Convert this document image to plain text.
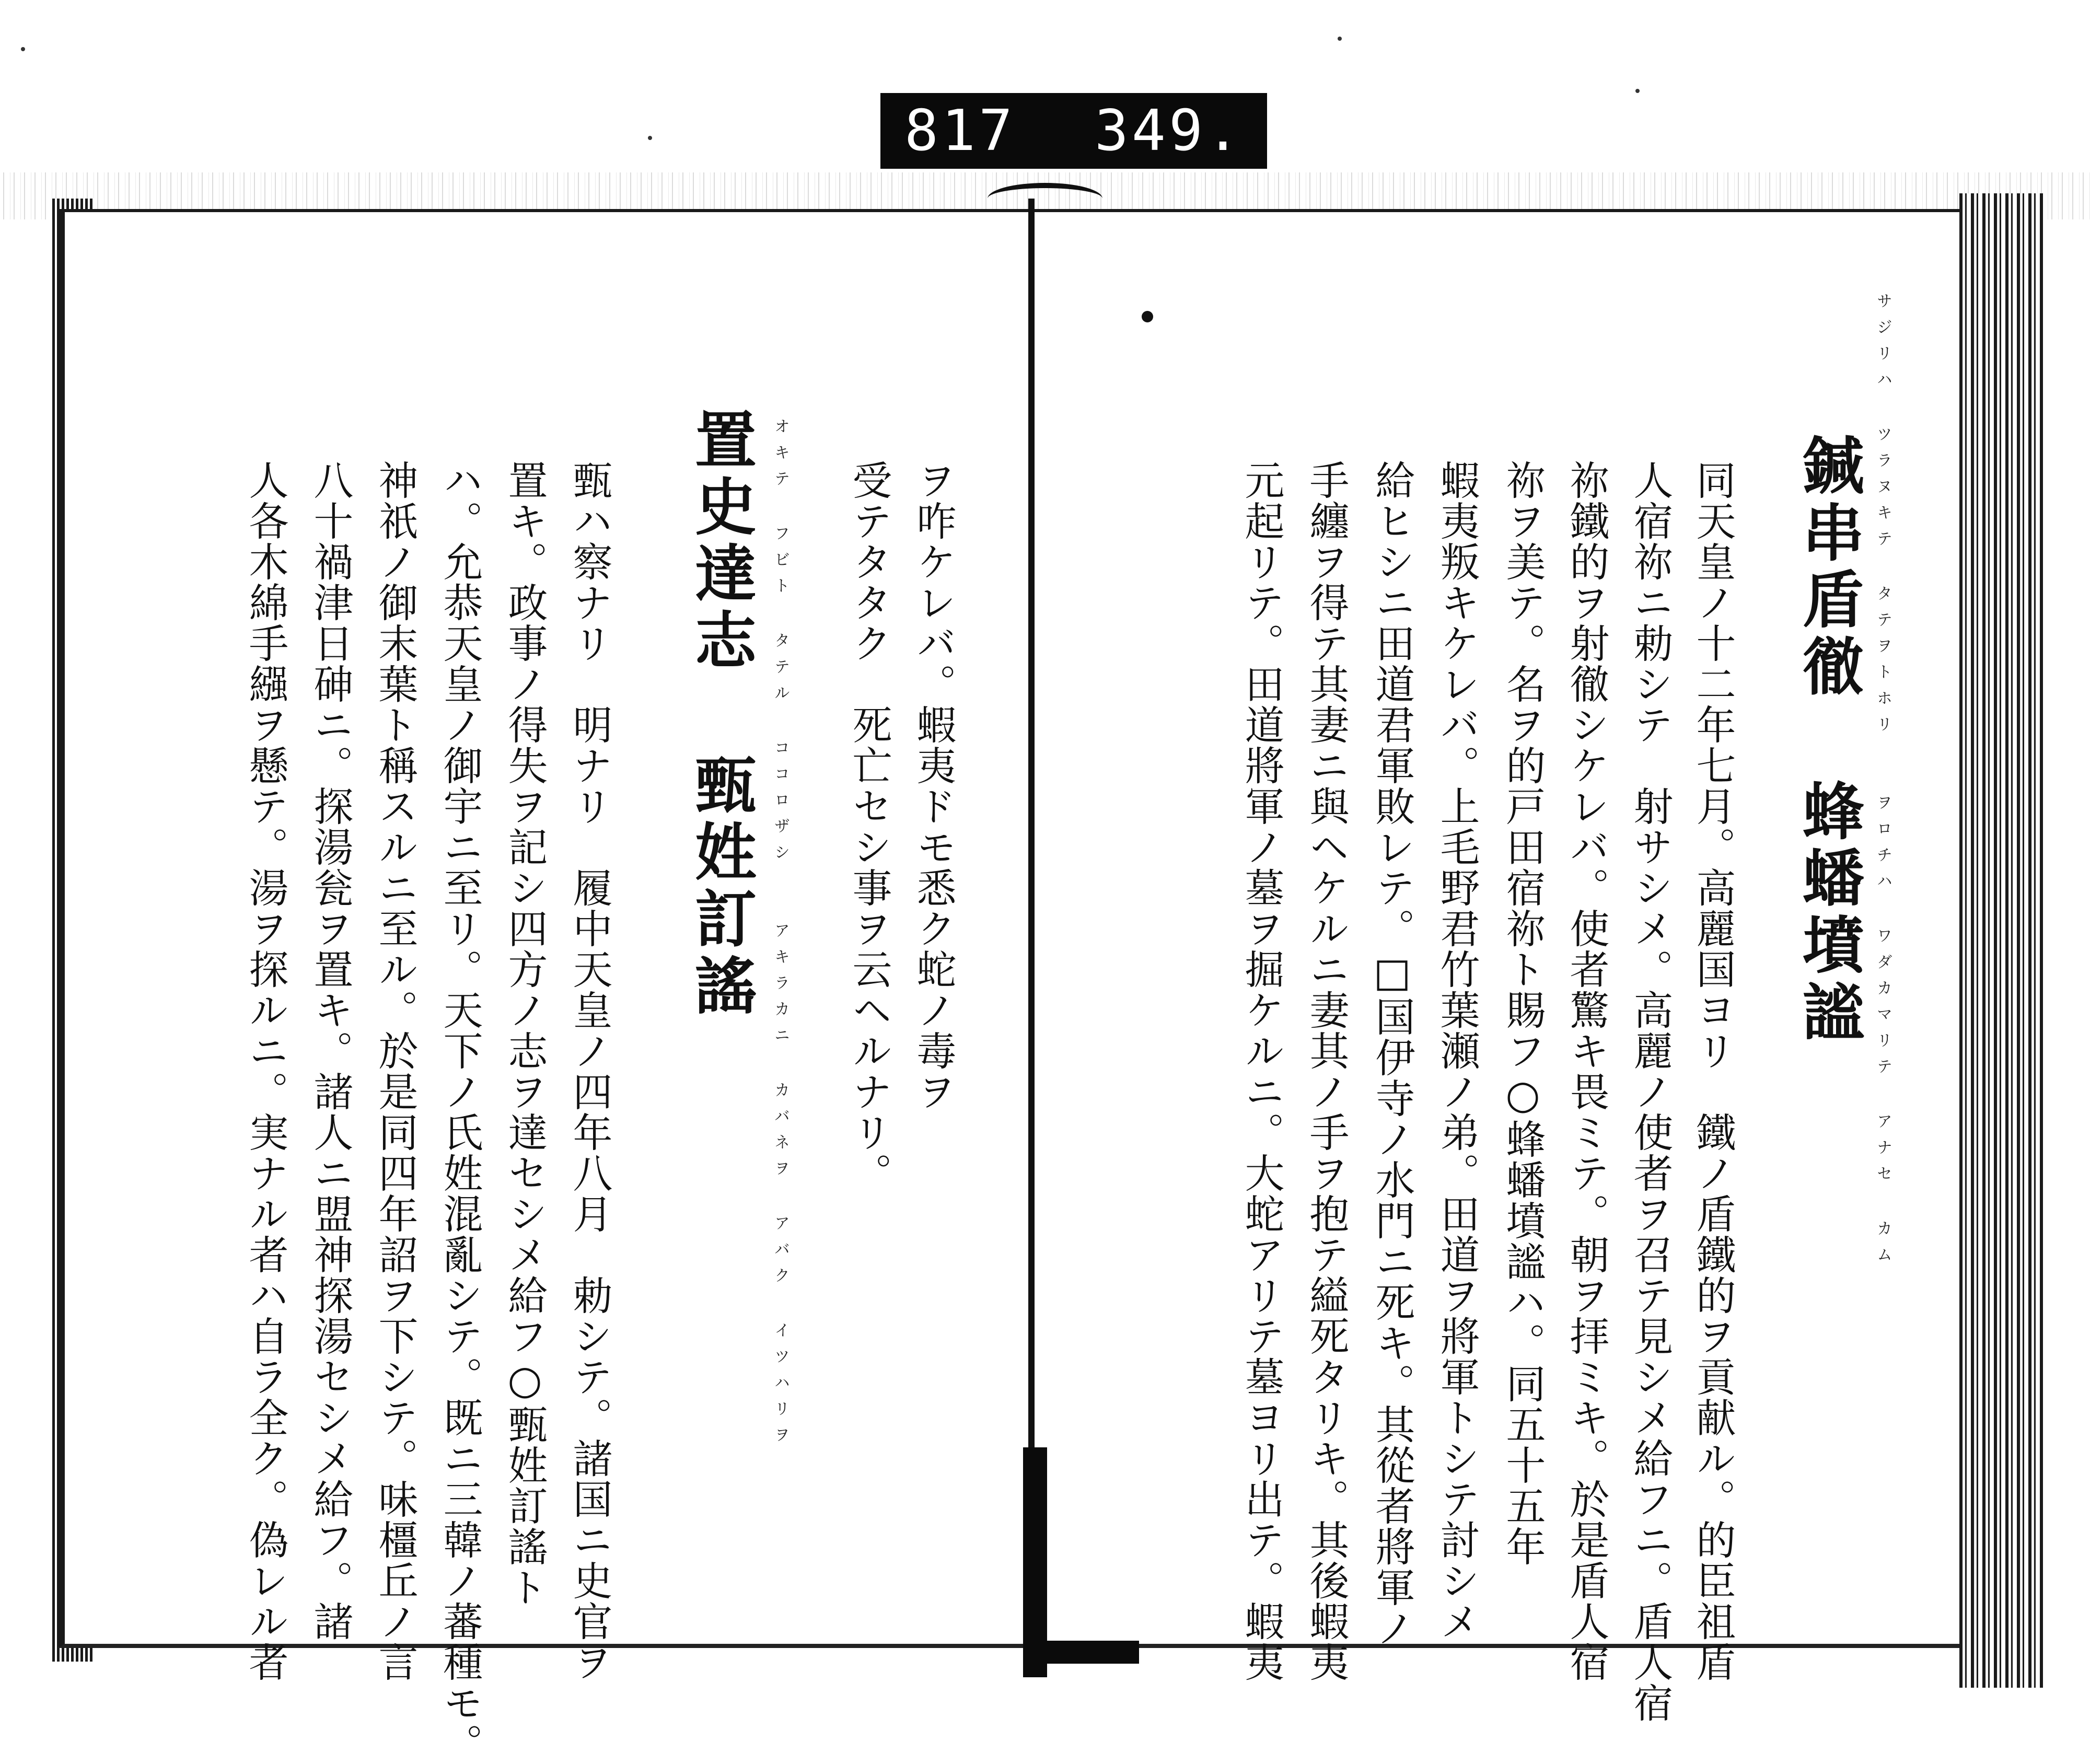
817 349.
サジリハ ツラヌキテ タテヲトホリ　　ヲロチハ ワダカマリテ アナセ カム
鍼串盾徹 蜂蟠墳謐
同天皇ノ十二年七月。高麗国ヨリ　鐵ノ盾鐵的ヲ貢献ル。的臣祖盾
人宿祢ニ勅シテ　射サシメ。高麗ノ使者ヲ召テ見シメ給フニ。盾人宿
祢鐵的ヲ射徹シケレバ。使者驚キ畏ミテ。朝ヲ拝ミキ。於是盾人宿
祢ヲ美テ。名ヲ的戸田宿祢ト賜フ○蜂蟠墳謐ハ。同五十五年
蝦夷叛キケレバ。上毛野君竹葉瀬ノ弟。田道ヲ將軍トシテ討シメ
給ヒシニ田道君軍敗レテ。□国伊寺ノ水門ニ死キ。其從者將軍ノ
手纏ヲ得テ其妻ニ與ヘケルニ妻其ノ手ヲ抱テ縊死タリキ。其後蝦夷
元起リテ。田道將軍ノ墓ヲ掘ケルニ。大蛇アリテ墓ヨリ出テ。蝦夷
ヲ咋ケレバ。蝦夷ドモ悉ク蛇ノ毒ヲ
受テタタク　死亡セシ事ヲ云ヘルナリ。
オキテ フビト タテル ココロザシ　　アキラカニ カバネヲ アバク イツハリヲ
置史達志 甄姓訂謠
甄ハ察ナリ　明ナリ　履中天皇ノ四年八月　勅シテ。諸国ニ史官ヲ
置キ。政事ノ得失ヲ記シ四方ノ志ヲ達セシメ給フ○甄姓訂謠ト
ハ。允恭天皇ノ御宇ニ至リ。天下ノ氏姓混亂シテ。既ニ三韓ノ蕃種モ。
神祇ノ御末葉ト稱スルニ至ル。於是同四年詔ヲ下シテ。味橿丘ノ言
八十禍津日砷ニ。探湯瓮ヲ置キ。諸人ニ盟神探湯セシメ給フ。諸
人各木綿手繦ヲ懸テ。湯ヲ探ルニ。実ナル者ハ自ラ全ク。偽レル者
